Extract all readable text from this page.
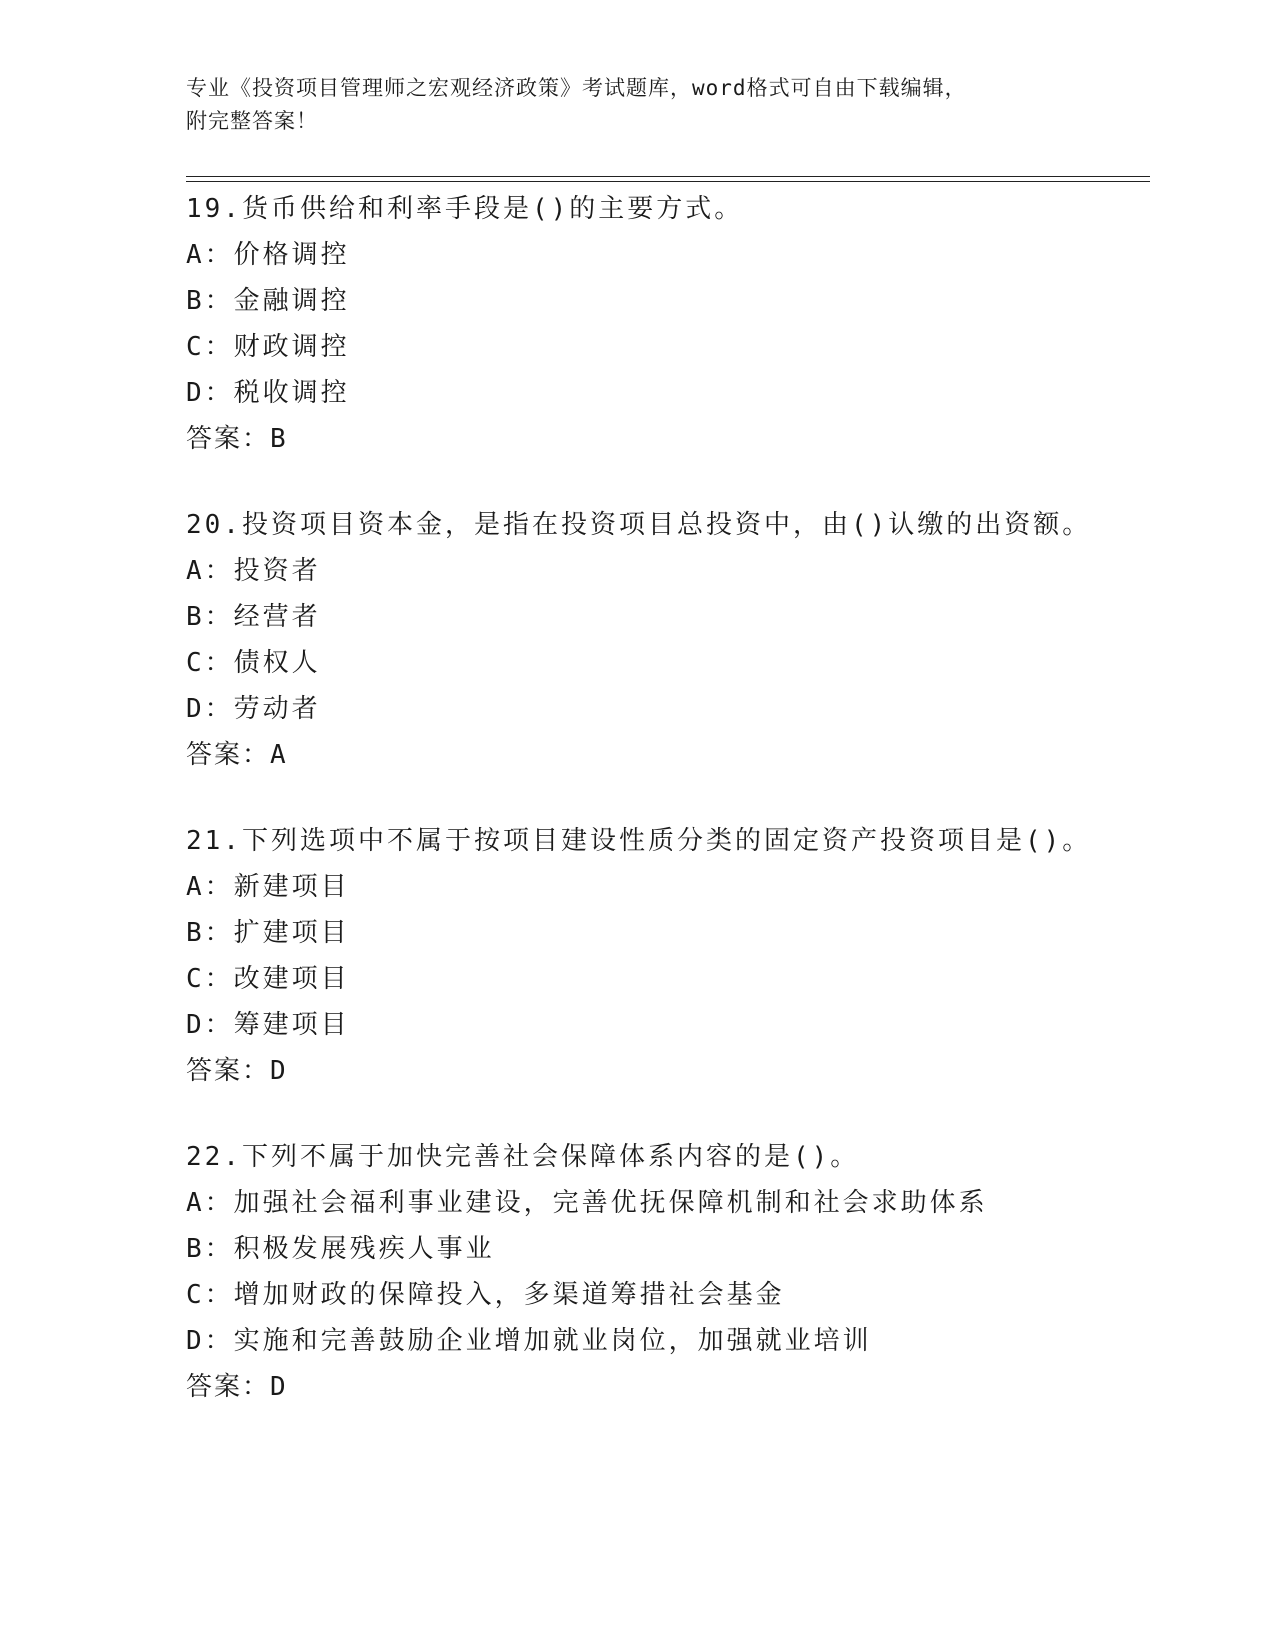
专业《投资项目管理师之宏观经济政策》考试题库，word格式可自由下载编辑，
附完整答案！
19.货币供给和利率手段是()的主要方式。
A：价格调控
B：金融调控
C：财政调控
D：税收调控
答案：B
20.投资项目资本金，是指在投资项目总投资中，由()认缴的出资额。
A：投资者
B：经营者
C：债权人
D：劳动者
答案：A
21.下列选项中不属于按项目建设性质分类的固定资产投资项目是()。
A：新建项目
B：扩建项目
C：改建项目
D：筹建项目
答案：D
22.下列不属于加快完善社会保障体系内容的是()。
A：加强社会福利事业建设，完善优抚保障机制和社会求助体系
B：积极发展残疾人事业
C：增加财政的保障投入，多渠道筹措社会基金
D：实施和完善鼓励企业增加就业岗位，加强就业培训
答案：D
